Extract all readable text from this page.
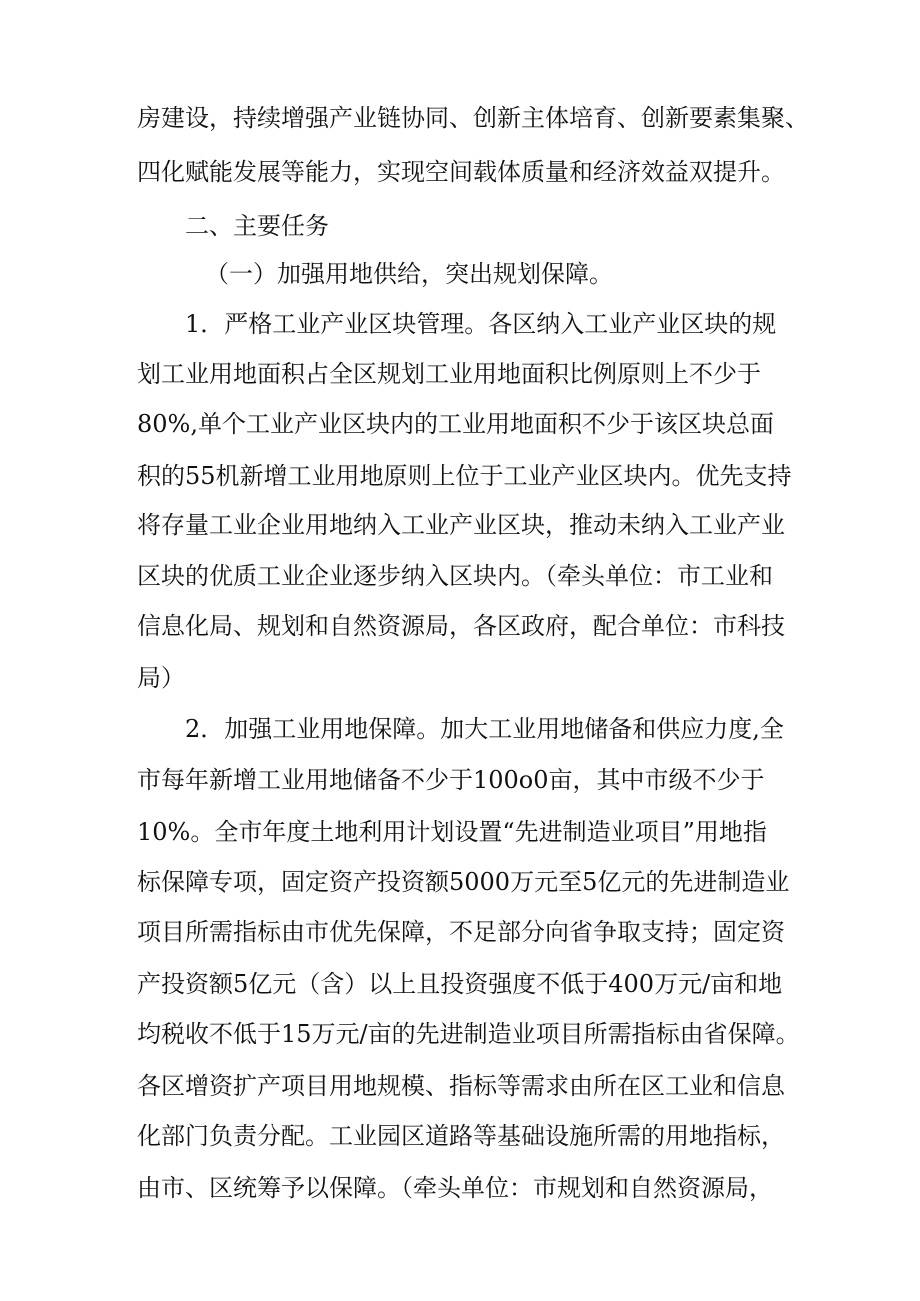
房建设，持续增强产业链协同、创新主体培育、创新要素集聚、
四化赋能发展等能力，实现空间载体质量和经济效益双提升。
二、主要任务
（一）加强用地供给，突出规划保障。
1．严格工业产业区块管理。各区纳入工业产业区块的规
划工业用地面积占全区规划工业用地面积比例原则上不少于
80%,单个工业产业区块内的工业用地面积不少于该区块总面
积的55机新增工业用地原则上位于工业产业区块内。优先支持
将存量工业企业用地纳入工业产业区块，推动未纳入工业产业
区块的优质工业企业逐步纳入区块内。（牵头单位：市工业和
信息化局、规划和自然资源局，各区政府，配合单位：市科技
局）
2．加强工业用地保障。加大工业用地储备和供应力度,全
市每年新增工业用地储备不少于100o0亩，其中市级不少于
10%。全市年度土地利用计划设置“先进制造业项目”用地指
标保障专项，固定资产投资额5000万元至5亿元的先进制造业
项目所需指标由市优先保障，不足部分向省争取支持；固定资
产投资额5亿元（含）以上且投资强度不低于400万元/亩和地
均税收不低于15万元/亩的先进制造业项目所需指标由省保障。
各区增资扩产项目用地规模、指标等需求由所在区工业和信息
化部门负责分配。工业园区道路等基础设施所需的用地指标，
由市、区统筹予以保障。（牵头单位：市规划和自然资源局，
